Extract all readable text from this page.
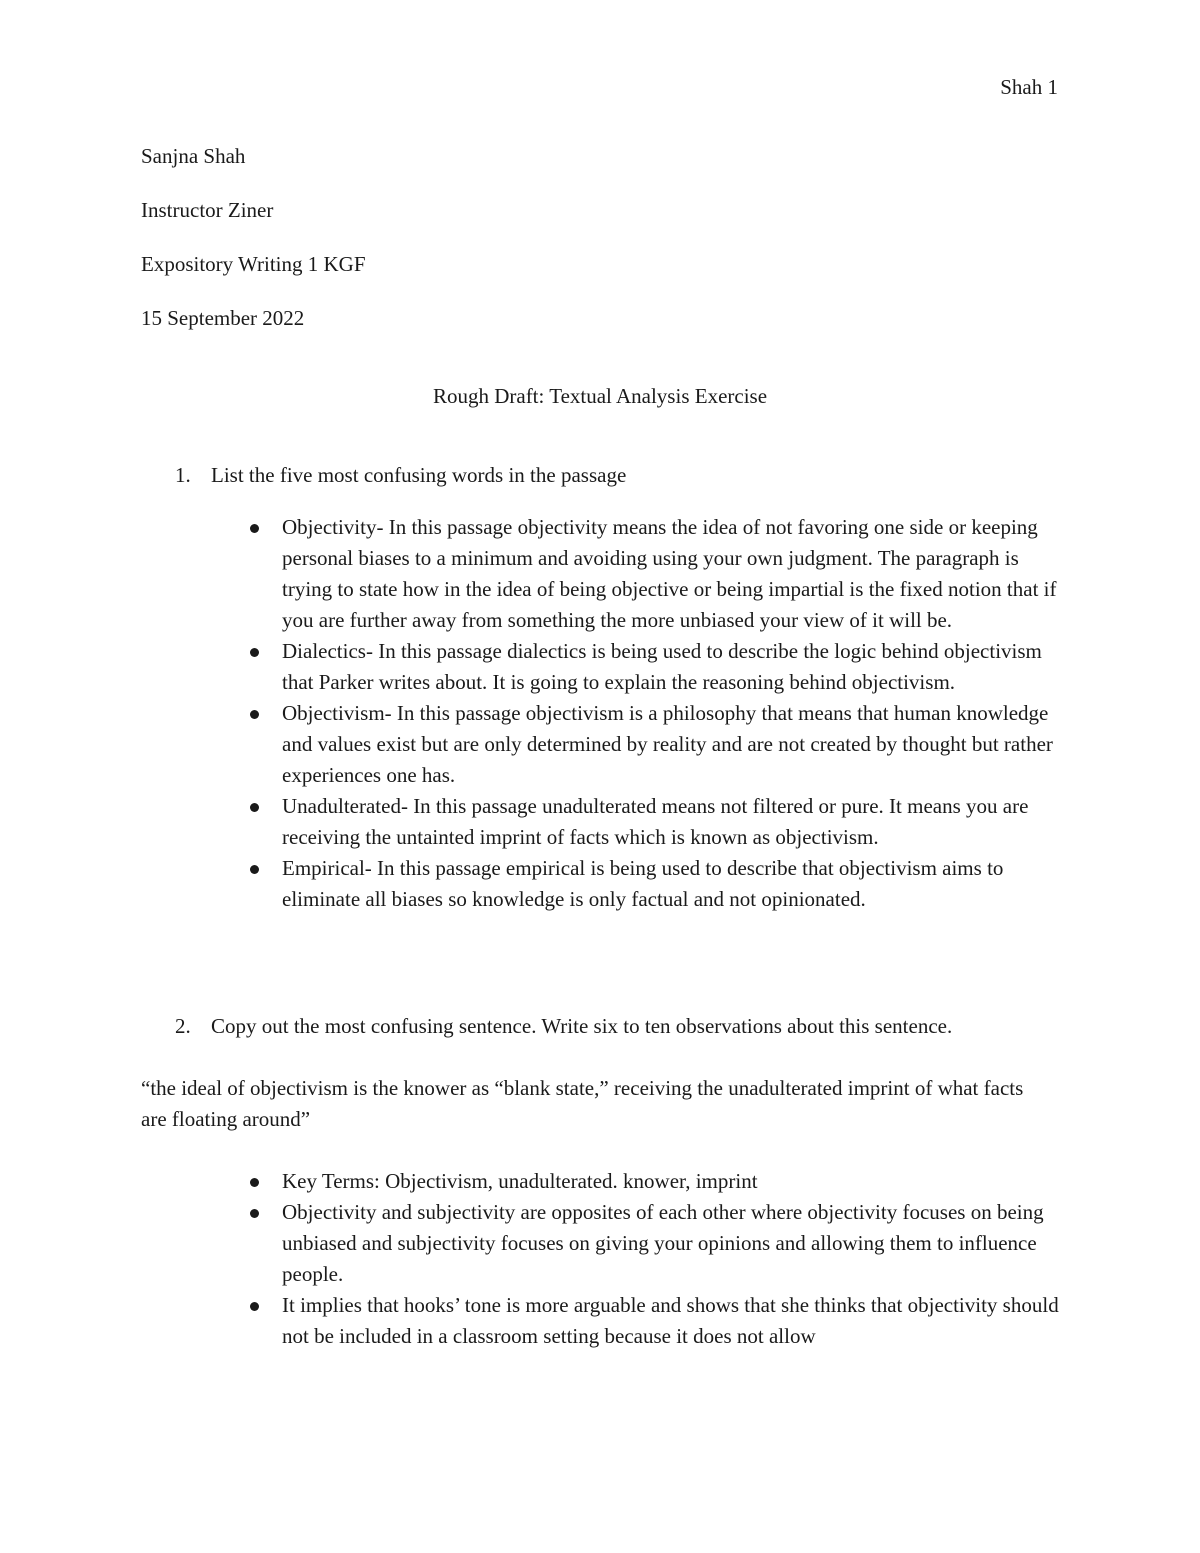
Shah 1
Sanjna Shah
Instructor Ziner
Expository Writing 1 KGF
15 September 2022
Rough Draft: Textual Analysis Exercise
1. List the five most confusing words in the passage
Objectivity- In this passage objectivity means the idea of not favoring one side or keeping personal biases to a minimum and avoiding using your own judgment. The paragraph is trying to state how in the idea of being objective or being impartial is the fixed notion that if you are further away from something the more unbiased your view of it will be.
Dialectics- In this passage dialectics is being used to describe the logic behind objectivism that Parker writes about. It is going to explain the reasoning behind objectivism.
Objectivism- In this passage objectivism is a philosophy that means that human knowledge and values exist but are only determined by reality and are not created by thought but rather experiences one has.
Unadulterated- In this passage unadulterated means not filtered or pure. It means you are receiving the untainted imprint of facts which is known as objectivism.
Empirical- In this passage empirical is being used to describe that objectivism aims to eliminate all biases so knowledge is only factual and not opinionated.
2. Copy out the most confusing sentence. Write six to ten observations about this sentence.
“the ideal of objectivism is the knower as “blank state,” receiving the unadulterated imprint of what facts are floating around”
Key Terms: Objectivism, unadulterated. knower, imprint
Objectivity and subjectivity are opposites of each other where objectivity focuses on being unbiased and subjectivity focuses on giving your opinions and allowing them to influence people.
It implies that hooks’ tone is more arguable and shows that she thinks that objectivity should not be included in a classroom setting because it does not allow
